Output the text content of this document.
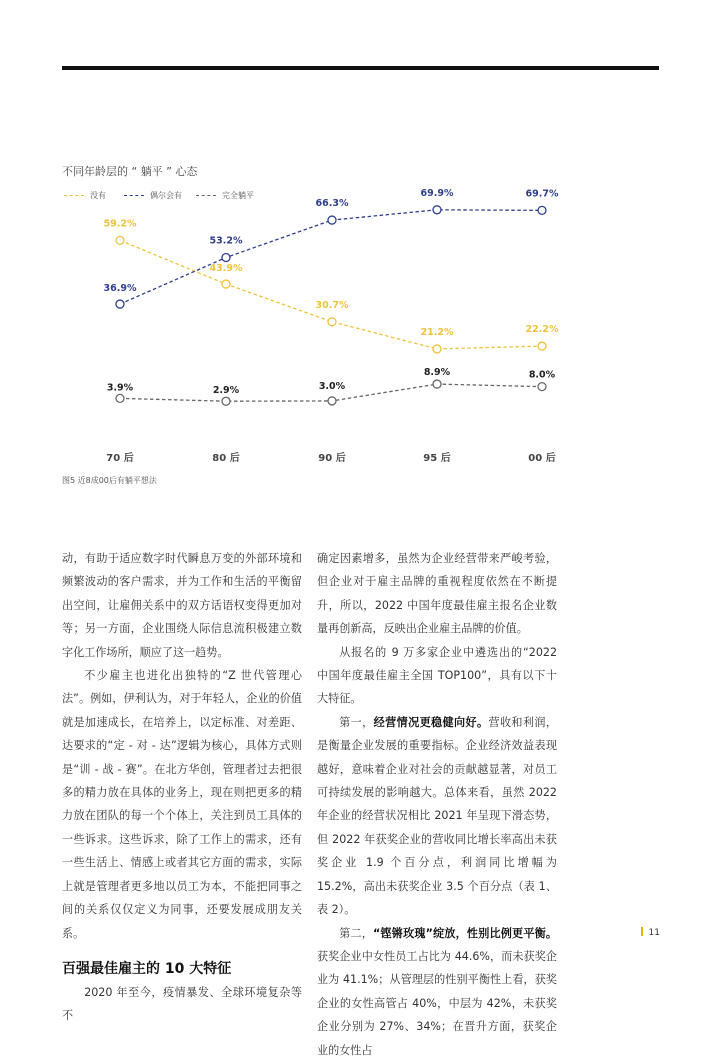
不同年龄层的 “ 躺平 ” 心态
没有	偶尔会有	完全躺平
70 后	80 后	90 后	95 后	00 后
59.2%
43.9%
30.7%
21.2%	22.2%
36.9%
53.2%
66.3%
69.9%	69.7%
3.9%	2.9%	3.0%
8.9%	8.0%
图5 近8成00后有躺平想法

动，有助于适应数字时代瞬息万变的外部环境和频繁波动的客户需求，并为工作和生活的平衡留出空间，让雇佣关系中的双方话语权变得更加对等；另一方面，企业围绕人际信息流积极建立数字化工作场所，顺应了这一趋势。

不少雇主也进化出独特的“Z 世代管理心法”。例如，伊利认为，对于年轻人，企业的价值就是加速成长，在培养上，以定标准、对差距、达要求的“定 - 对 - 达”逻辑为核心，具体方式则是“训 - 战 - 赛”。在北方华创，管理者过去把很多的精力放在具体的业务上，现在则把更多的精力放在团队的每一个个体上，关注到员工具体的一些诉求。这些诉求，除了工作上的需求，还有一些生活上、情感上或者其它方面的需求，实际上就是管理者更多地以员工为本，不能把同事之间的关系仅仅定义为同事，还要发展成朋友关系。

百强最佳雇主的 10 大特征

2020 年至今，疫情暴发、全球环境复杂等不

确定因素增多，虽然为企业经营带来严峻考验，但企业对于雇主品牌的重视程度依然在不断提升，所以，2022 中国年度最佳雇主报名企业数量再创新高，反映出企业雇主品牌的价值。

从报名的 9 万多家企业中遴选出的“2022 中国年度最佳雇主全国 TOP100”，具有以下十大特征。

第一，经营情况更稳健向好。营收和利润，是衡量企业发展的重要指标。企业经济效益表现越好，意味着企业对社会的贡献越显著，对员工可持续发展的影响越大。总体来看，虽然 2022 年企业的经营状况相比 2021 年呈现下滑态势，但 2022 年获奖企业的营收同比增长率高出未获奖企业 1.9 个百分点，利润同比增幅为 15.2%，高出未获奖企业 3.5 个百分点（表 1、表 2）。

第二，“铿锵玫瑰”绽放，性别比例更平衡。获奖企业中女性员工占比为 44.6%，而未获奖企业为 41.1%；从管理层的性别平衡性上看，获奖企业的女性高管占 40%，中层为 42%，未获奖企业分别为 27%、34%；在晋升方面，获奖企业的女性占

11
